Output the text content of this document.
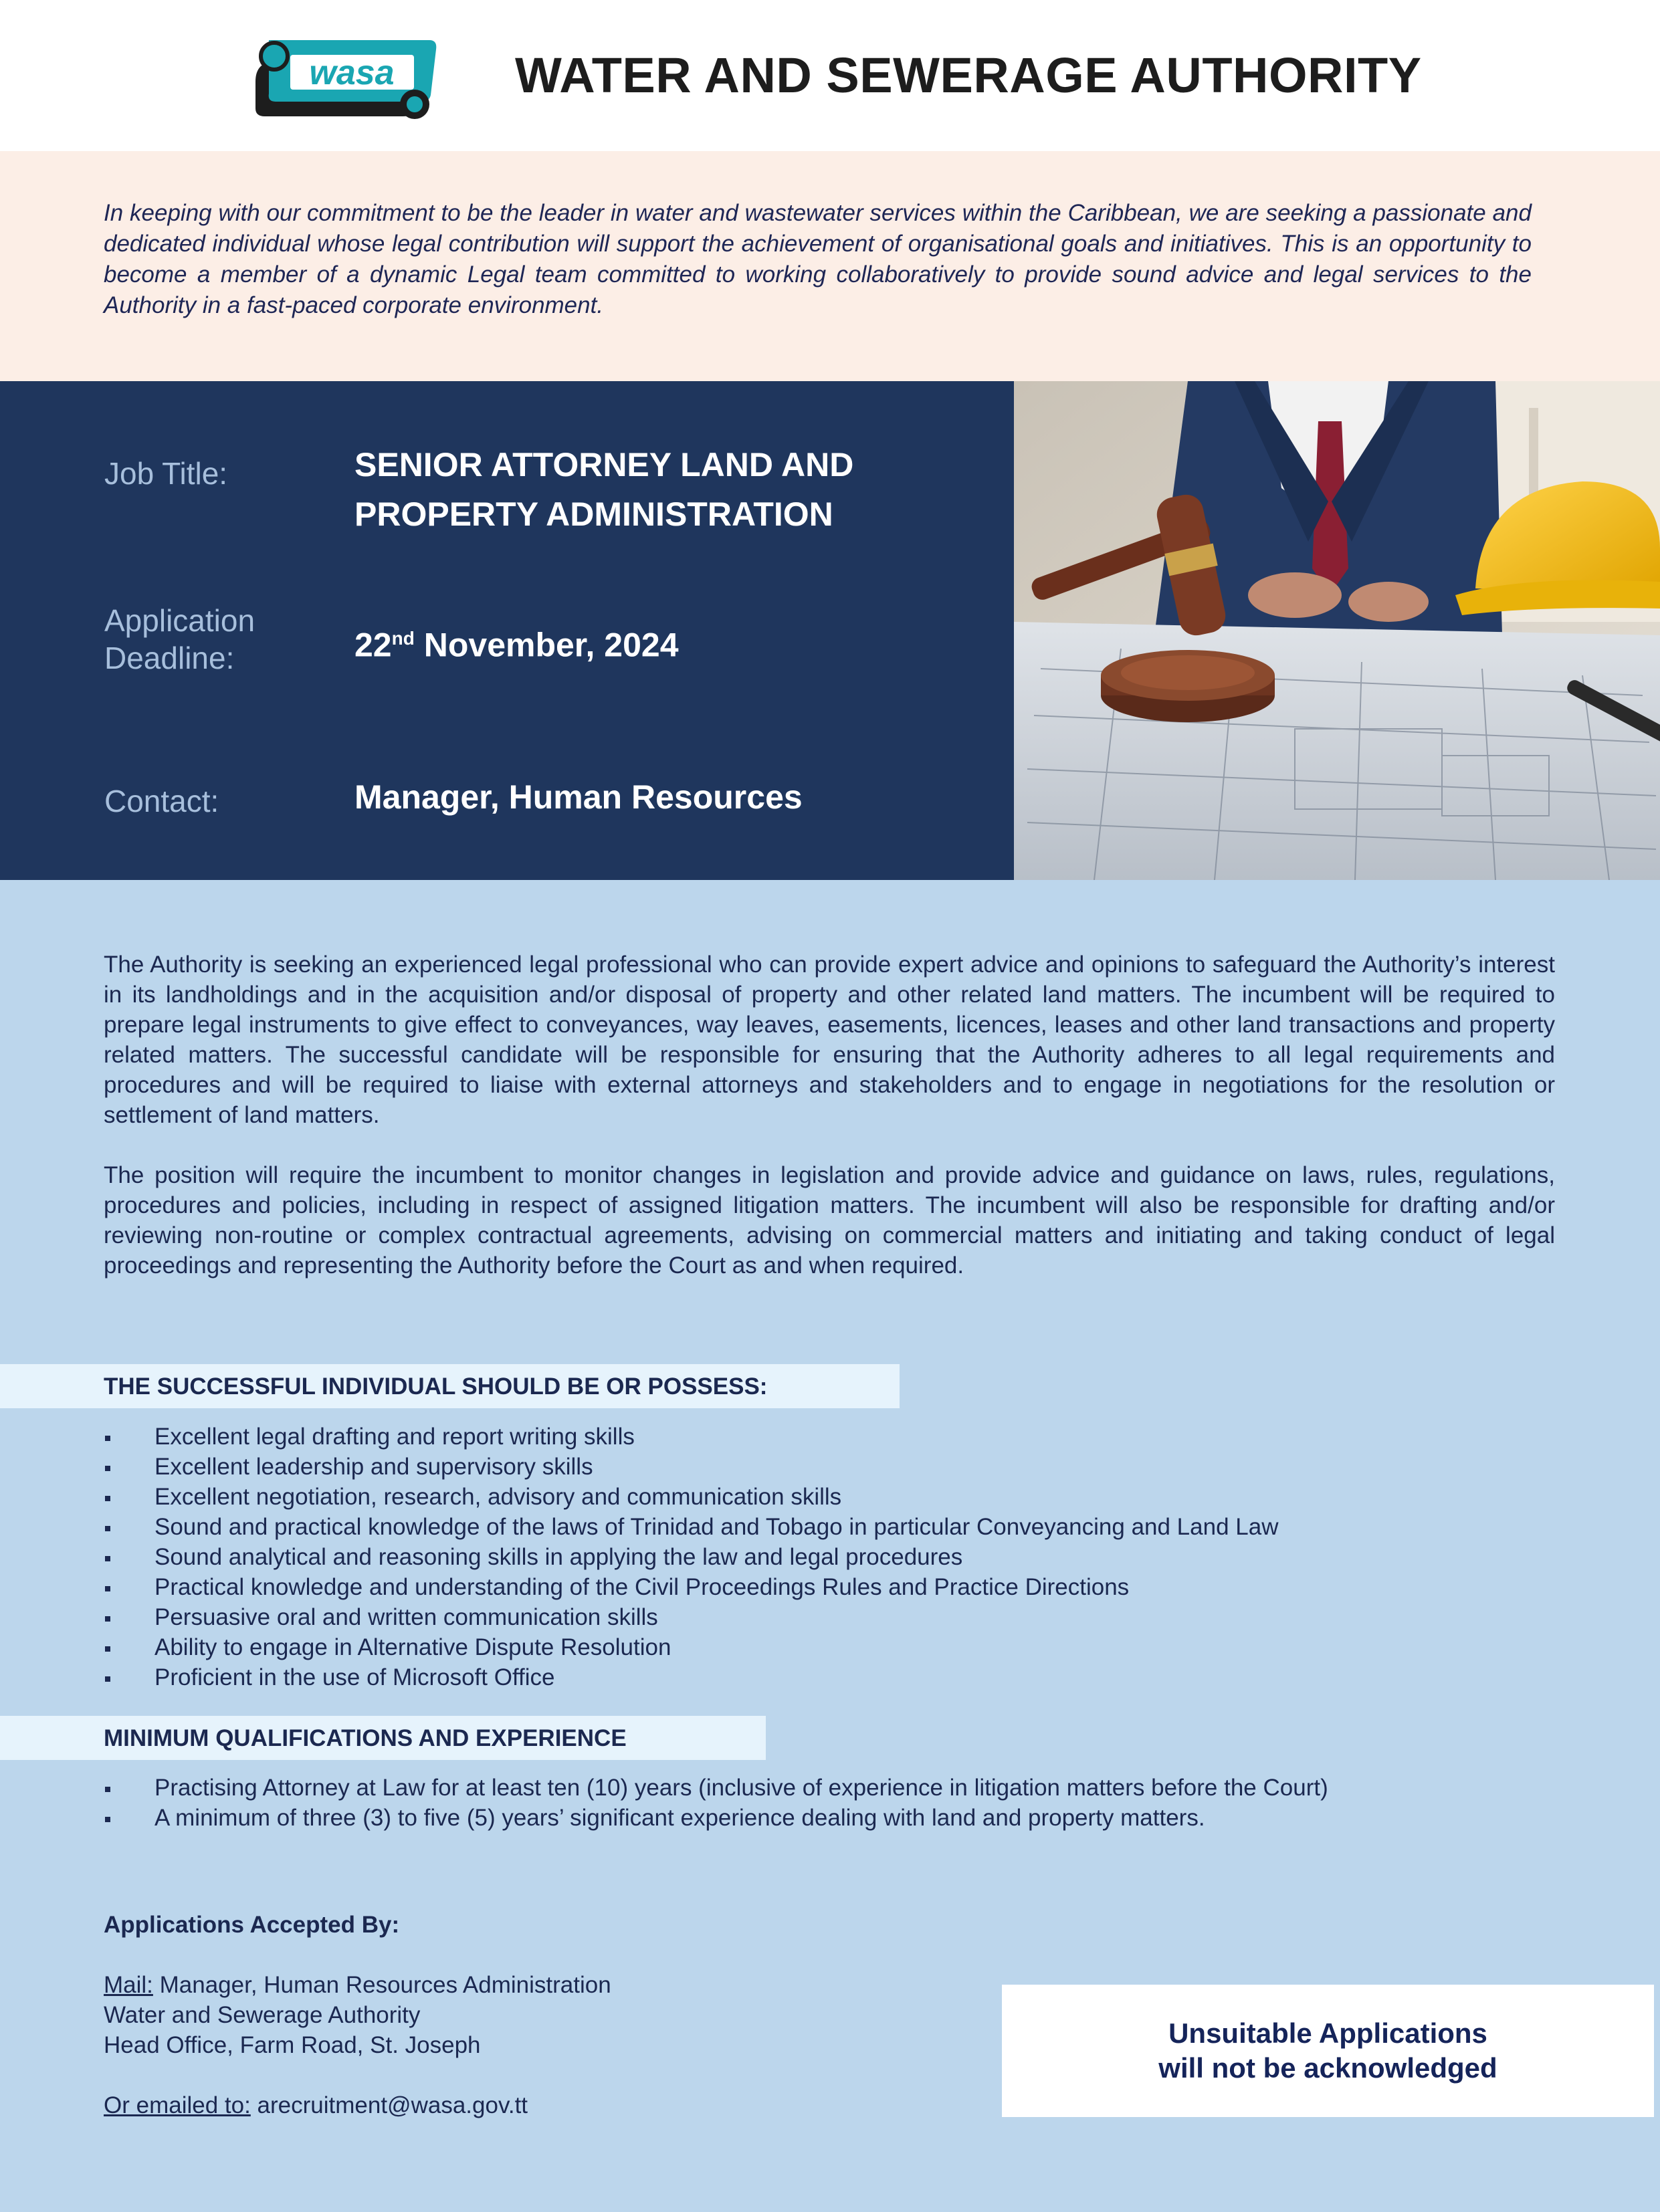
wasa WATER AND SEWERAGE AUTHORITY

In keeping with our commitment to be the leader in water and wastewater services within the Caribbean, we are seeking a passionate and dedicated individual whose legal contribution will support the achievement of organisational goals and initiatives. This is an opportunity to become a member of a dynamic Legal team committed to working collaboratively to provide sound advice and legal services to the Authority in a fast-paced corporate environment.

Job Title:	SENIOR ATTORNEY LAND AND
PROPERTY ADMINISTRATION
Application
Deadline:	22nd November, 2024
Contact:	Manager, Human Resources

The Authority is seeking an experienced legal professional who can provide expert advice and opinions to safeguard the Authority’s interest in its landholdings and in the acquisition and/or disposal of property and other related land matters. The incumbent will be required to prepare legal instruments to give effect to conveyances, way leaves, easements, licences, leases and other land transactions and property related matters. The successful candidate will be responsible for ensuring that the Authority adheres to all legal requirements and procedures and will be required to liaise with external attorneys and stakeholders and to engage in negotiations for the resolution or settlement of land matters.

The position will require the incumbent to monitor changes in legislation and provide advice and guidance on laws, rules, regulations, procedures and policies, including in respect of assigned litigation matters. The incumbent will also be responsible for drafting and/or reviewing non-routine or complex contractual agreements, advising on commercial matters and initiating and taking conduct of legal proceedings and representing the Authority before the Court as and when required.

THE SUCCESSFUL INDIVIDUAL SHOULD BE OR POSSESS:
Excellent legal drafting and report writing skills
Excellent leadership and supervisory skills
Excellent negotiation, research, advisory and communication skills
Sound and practical knowledge of the laws of Trinidad and Tobago in particular Conveyancing and Land Law
Sound analytical and reasoning skills in applying the law and legal procedures
Practical knowledge and understanding of the Civil Proceedings Rules and Practice Directions
Persuasive oral and written communication skills
Ability to engage in Alternative Dispute Resolution
Proficient in the use of Microsoft Office
MINIMUM QUALIFICATIONS AND EXPERIENCE
Practising Attorney at Law for at least ten (10) years (inclusive of experience in litigation matters before the Court)
A minimum of three (3) to five (5) years’ significant experience dealing with land and property matters.
Applications Accepted By:
Mail: Manager, Human Resources Administration
Water and Sewerage Authority
Head Office, Farm Road, St. Joseph
Or emailed to: arecruitment@wasa.gov.tt
Unsuitable Applications
will not be acknowledged
